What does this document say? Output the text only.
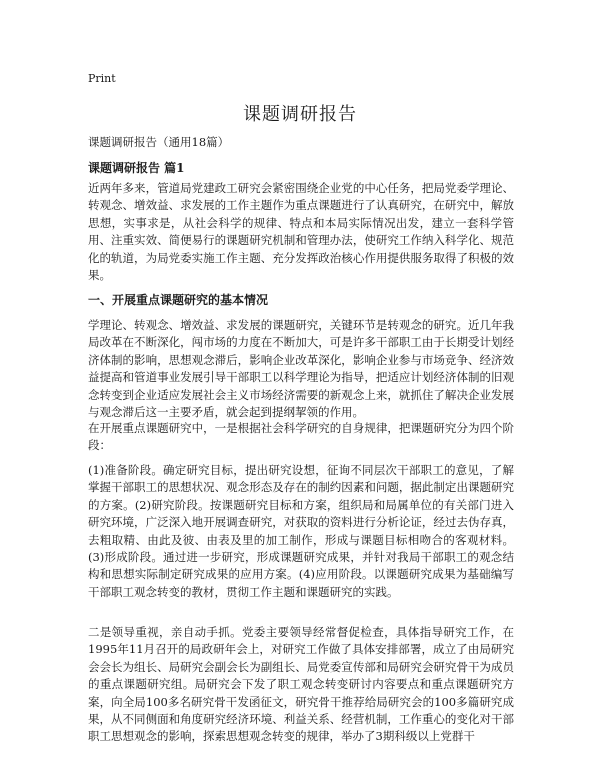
Print
课题调研报告
课题调研报告（通用18篇）
课题调研报告 篇1

近两年多来，管道局党建政工研究会紧密围绕企业党的中心任务，把局党委学理论、转观念、增效益、求发展的工作主题作为重点课题进行了认真研究，在研究中，解放思想，实事求是，从社会科学的规律、特点和本局实际情况出发，建立一套科学管用、注重实效、简便易行的课题研究机制和管理办法，使研究工作纳入科学化、规范化的轨道，为局党委实施工作主题、充分发挥政治核心作用提供服务取得了积极的效果。

一、开展重点课题研究的基本情况

学理论、转观念、增效益、求发展的课题研究，关键环节是转观念的研究。近几年我局改革在不断深化，闯市场的力度在不断加大，可是许多干部职工由于长期受计划经济体制的影响，思想观念滞后，影响企业改革深化，影响企业参与市场竞争、经济效益提高和管道事业发展引导干部职工以科学理论为指导，把适应计划经济体制的旧观念转变到企业适应发展社会主义市场经济需要的新观念上来，就抓住了解决企业发展与观念滞后这一主要矛盾，就会起到提纲挈领的作用。

在开展重点课题研究中，一是根据社会科学研究的自身规律，把课题研究分为四个阶段：

(1)准备阶段。确定研究目标，提出研究设想，征询不同层次干部职工的意见，了解掌握干部职工的思想状况、观念形态及存在的制约因素和问题，据此制定出课题研究的方案。(2)研究阶段。按课题研究目标和方案，组织局和局属单位的有关部门进入研究环境，广泛深入地开展调查研究，对获取的资料进行分析论证，经过去伪存真，去粗取精、由此及彼、由表及里的加工制作，形成与课题目标相吻合的客观材料。(3)形成阶段。通过进一步研究，形成课题研究成果，并针对我局干部职工的观念结构和思想实际制定研究成果的应用方案。(4)应用阶段。以课题研究成果为基础编写干部职工观念转变的教材，贯彻工作主题和课题研究的实践。

二是领导重视，亲自动手抓。党委主要领导经常督促检查，具体指导研究工作，在1995年11月召开的局政研年会上，对研究工作做了具体安排部署，成立了由局研究会会长为组长、局研究会副会长为副组长、局党委宣传部和局研究会研究骨干为成员的重点课题研究组。局研究会下发了职工观念转变研讨内容要点和重点课题研究方案，向全局100多名研究骨干发函征文，研究骨干推荐给局研究会的100多篇研究成果，从不同侧面和角度研究经济环境、利益关系、经营机制，工作重心的变化对干部职工思想观念的影响，探索思想观念转变的规律，举办了3期科级以上党群干
